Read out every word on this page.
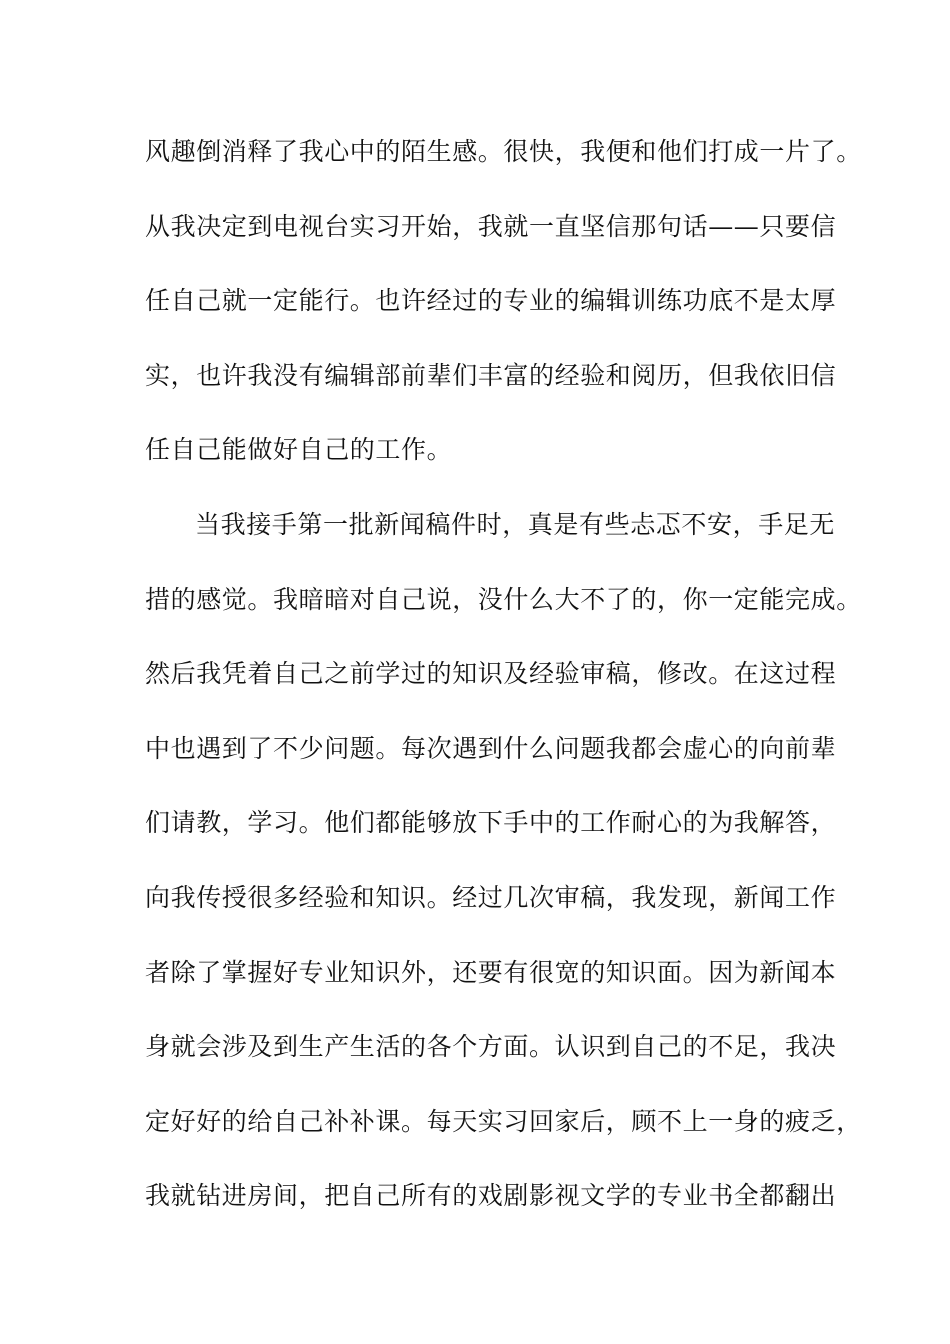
风趣倒消释了我心中的陌生感。很快，我便和他们打成一片了。
从我决定到电视台实习开始，我就一直坚信那句话——只要信
任自己就一定能行。也许经过的专业的编辑训练功底不是太厚
实，也许我没有编辑部前辈们丰富的经验和阅历，但我依旧信
任自己能做好自己的工作。
当我接手第一批新闻稿件时，真是有些忐忑不安，手足无
措的感觉。我暗暗对自己说，没什么大不了的，你一定能完成。
然后我凭着自己之前学过的知识及经验审稿，修改。在这过程
中也遇到了不少问题。每次遇到什么问题我都会虚心的向前辈
们请教，学习。他们都能够放下手中的工作耐心的为我解答，
向我传授很多经验和知识。经过几次审稿，我发现，新闻工作
者除了掌握好专业知识外，还要有很宽的知识面。因为新闻本
身就会涉及到生产生活的各个方面。认识到自己的不足，我决
定好好的给自己补补课。每天实习回家后，顾不上一身的疲乏，
我就钻进房间，把自己所有的戏剧影视文学的专业书全都翻出
